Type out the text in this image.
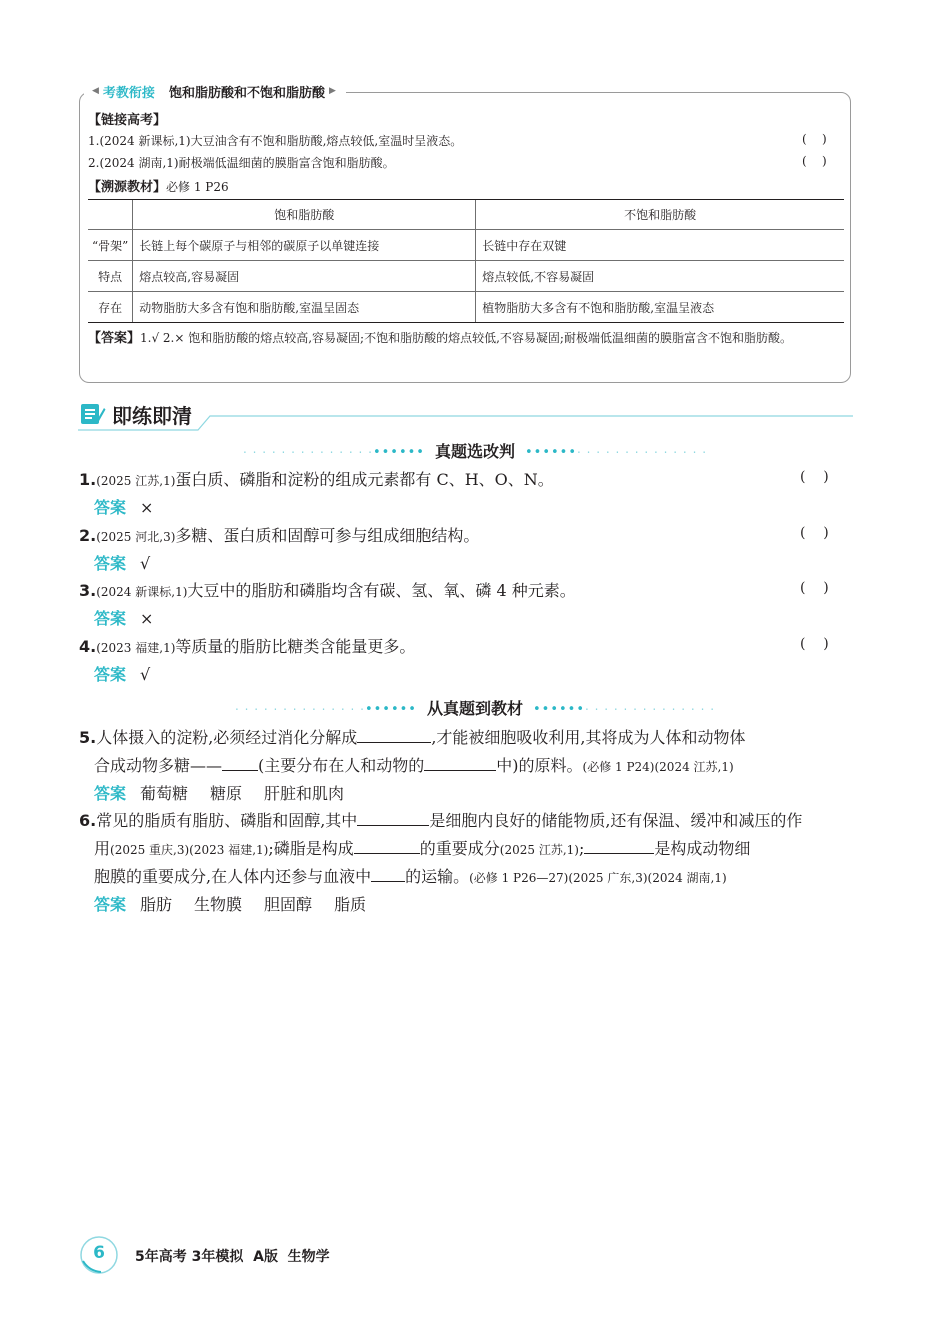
◀ 考教衔接 饱和脂肪酸和不饱和脂肪酸 ▶
【链接高考】
1.(2024 新课标,1)大豆油含有不饱和脂肪酸,熔点较低,室温时呈液态。	(    )
2.(2024 湖南,1)耐极端低温细菌的膜脂富含饱和脂肪酸。	(    )
【溯源教材】必修 1 P26
	饱和脂肪酸	不饱和脂肪酸
“骨架”	长链上每个碳原子与相邻的碳原子以单键连接	长链中存在双键
特点	熔点较高,容易凝固	熔点较低,不容易凝固
存在	动物脂肪大多含有饱和脂肪酸,室温呈固态	植物脂肪大多含有不饱和脂肪酸,室温呈液态
【答案】1.√ 2.× 饱和脂肪酸的熔点较高,容易凝固;不饱和脂肪酸的熔点较低,不容易凝固;耐极端低温细菌的膜脂富含不饱和脂肪酸。
即练即清
· · · · · · · · · · · · · ·•••••• 真题选改判 ••••••· · · · · · · · · · · · · ·
1.(2025 江苏,1)蛋白质、磷脂和淀粉的组成元素都有 C、H、O、N。	(    )
答案 ×
2.(2025 河北,3)多糖、蛋白质和固醇可参与组成细胞结构。	(    )
答案 √
3.(2024 新课标,1)大豆中的脂肪和磷脂均含有碳、氢、氧、磷 4 种元素。	(    )
答案 ×
4.(2023 福建,1)等质量的脂肪比糖类含能量更多。	(    )
答案 √
· · · · · · · · · · · · · ·•••••• 从真题到教材 ••••••· · · · · · · · · · · · · ·
5.人体摄入的淀粉,必须经过消化分解成	,才能被细胞吸收利用,其将成为人体和动物体
合成动物多糖—— (主要分布在人和动物的	中)的原料。(必修 1 P24)(2024 江苏,1)
答案 葡萄糖 糖原 肝脏和肌肉
6.常见的脂质有脂肪、磷脂和固醇,其中	是细胞内良好的储能物质,还有保温、缓冲和减压的作
用(2025 重庆,3)(2023 福建,1);磷脂是构成	的重要成分(2025 江苏,1);	是构成动物细
胞膜的重要成分,在人体内还参与血液中 的运输。(必修 1 P26—27)(2025 广东,3)(2024 湖南,1)
答案 脂肪 生物膜 胆固醇 脂质
6	5年高考 3年模拟  A版  生物学
